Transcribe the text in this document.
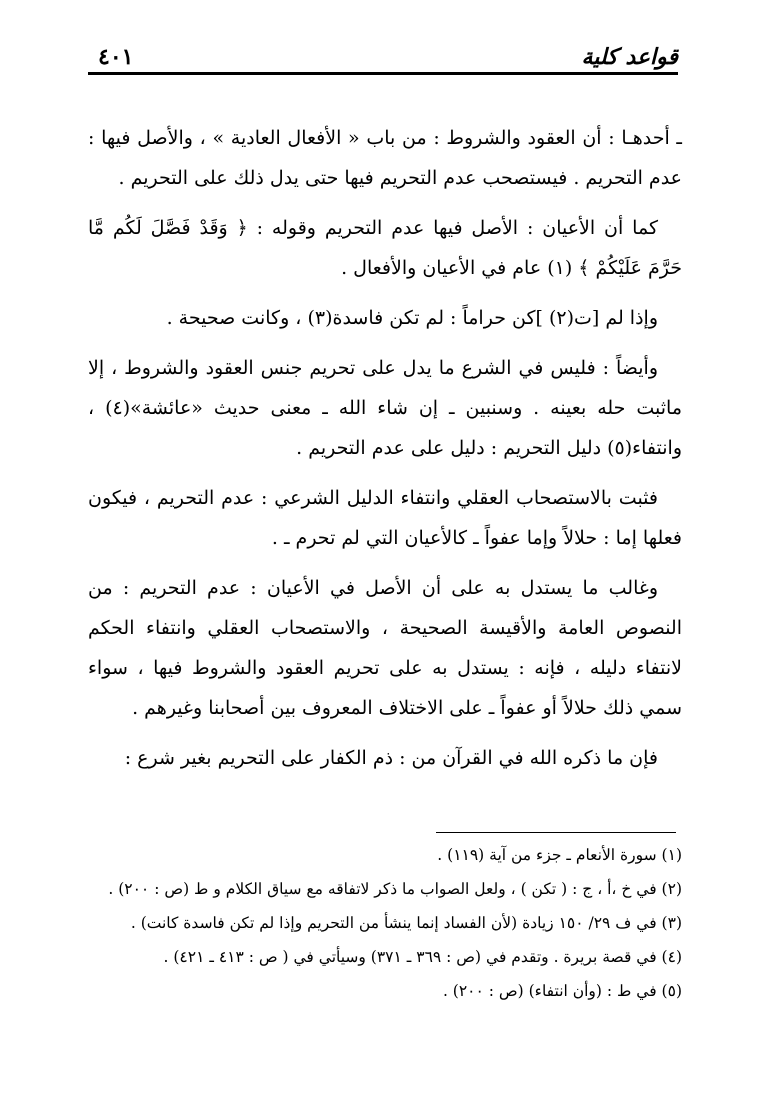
قواعد كلية
٤٠١

ـ أحدهـا : أن العقود والشروط : من باب « الأفعال العادية » ، والأصل فيها : عدم التحريم . فيستصحب عدم التحريم فيها حتى يدل ذلك على التحريم .

كما أن الأعيان : الأصل فيها عدم التحريم وقوله : ﴿ وَقَدْ فَصَّلَ لَكُم مَّا حَرَّمَ عَلَيْكُمْ ﴾ (١) عام في الأعيان والأفعال .

وإذا لم [ت(٢) ]كن حراماً : لم تكن فاسدة(٣) ، وكانت صحيحة .

وأيضاً : فليس في الشرع ما يدل على تحريم جنس العقود والشروط ، إلا ماثبت حله بعينه . وسنبين ـ إن شاء الله ـ معنى حديث «عائشة»(٤) ، وانتفاء(٥) دليل التحريم : دليل على عدم التحريم .

فثبت بالاستصحاب العقلي وانتفاء الدليل الشرعي : عدم التحريم ، فيكون فعلها إما : حلالاً وإما عفواً ـ كالأعيان التي لم تحرم ـ .

وغالب ما يستدل به على أن الأصل في الأعيان : عدم التحريم : من النصوص العامة والأقيسة الصحيحة ، والاستصحاب العقلي وانتفاء الحكم لانتفاء دليله ، فإنه : يستدل به على تحريم العقود والشروط فيها ، سواء سمي ذلك حلالاً أو عفواً ـ على الاختلاف المعروف بين أصحابنا وغيرهم .

فإن ما ذكره الله في القرآن من : ذم الكفار على التحريم بغير شرع :

(١) سورة الأنعام ـ جزء من آية (١١٩) .

(٢) في خ ،أ ، ج : ( تكن ) ، ولعل الصواب ما ذكر لاتفاقه مع سياق الكلام و ط (ص : ٢٠٠) .

(٣) في ف ٢٩/ ١٥٠ زيادة (لأن الفساد إنما ينشأ من التحريم وإذا لم تكن فاسدة كانت) .

(٤) في قصة بريرة . وتقدم في (ص : ٣٦٩ ـ ٣٧١) وسيأتي في ( ص : ٤١٣ ـ ٤٢١) .

(٥) في ط : (وأن انتفاء) (ص : ٢٠٠) .
